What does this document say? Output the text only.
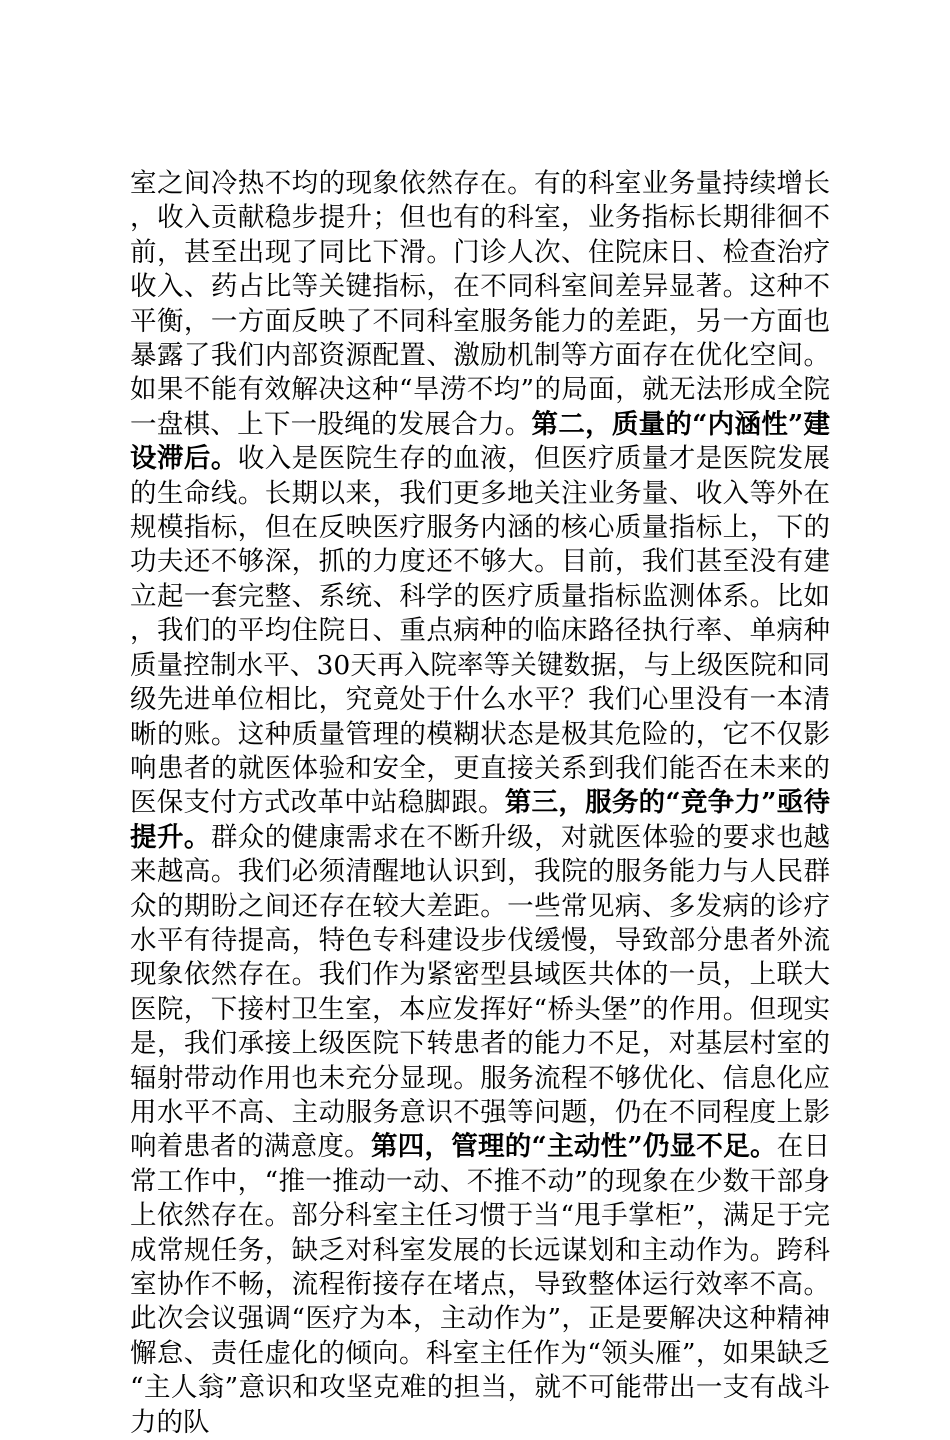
室之间冷热不均的现象依然存在。有的科室业务量持续增长，收入贡献稳步提升；但也有的科室，业务指标长期徘徊不前，甚至出现了同比下滑。门诊人次、住院床日、检查治疗收入、药占比等关键指标，在不同科室间差异显著。这种不平衡，一方面反映了不同科室服务能力的差距，另一方面也暴露了我们内部资源配置、激励机制等方面存在优化空间。如果不能有效解决这种“旱涝不均”的局面，就无法形成全院一盘棋、上下一股绳的发展合力。第二，质量的“内涵性”建设滞后。收入是医院生存的血液，但医疗质量才是医院发展的生命线。长期以来，我们更多地关注业务量、收入等外在规模指标，但在反映医疗服务内涵的核心质量指标上，下的功夫还不够深，抓的力度还不够大。目前，我们甚至没有建立起一套完整、系统、科学的医疗质量指标监测体系。比如，我们的平均住院日、重点病种的临床路径执行率、单病种质量控制水平、30天再入院率等关键数据，与上级医院和同级先进单位相比，究竟处于什么水平？我们心里没有一本清晰的账。这种质量管理的模糊状态是极其危险的，它不仅影响患者的就医体验和安全，更直接关系到我们能否在未来的医保支付方式改革中站稳脚跟。第三，服务的“竞争力”亟待提升。群众的健康需求在不断升级，对就医体验的要求也越来越高。我们必须清醒地认识到，我院的服务能力与人民群众的期盼之间还存在较大差距。一些常见病、多发病的诊疗水平有待提高，特色专科建设步伐缓慢，导致部分患者外流现象依然存在。我们作为紧密型县域医共体的一员，上联大医院，下接村卫生室，本应发挥好“桥头堡”的作用。但现实是，我们承接上级医院下转患者的能力不足，对基层村室的辐射带动作用也未充分显现。服务流程不够优化、信息化应用水平不高、主动服务意识不强等问题，仍在不同程度上影响着患者的满意度。第四，管理的“主动性”仍显不足。在日常工作中，“推一推动一动、不推不动”的现象在少数干部身上依然存在。部分科室主任习惯于当“甩手掌柜”，满足于完成常规任务，缺乏对科室发展的长远谋划和主动作为。跨科室协作不畅，流程衔接存在堵点，导致整体运行效率不高。此次会议强调“医疗为本，主动作为”，正是要解决这种精神懈怠、责任虚化的倾向。科室主任作为“领头雁”，如果缺乏“主人翁”意识和攻坚克难的担当，就不可能带出一支有战斗力的队
